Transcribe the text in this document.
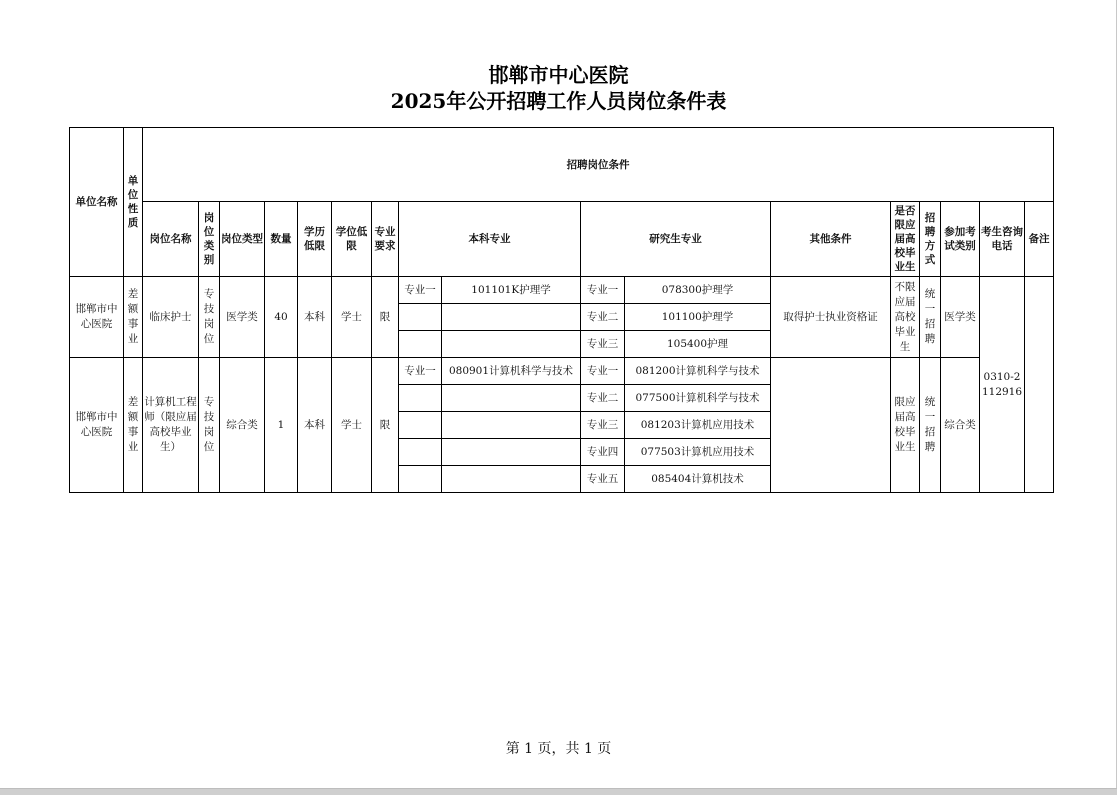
邯郸市中心医院
2025年公开招聘工作人员岗位条件表
单位名称	单位性质	招聘岗位条件																
		岗位名称	岗位类别	岗位类型	数量	学历低限	学位低限	专业要求	本科专业		研究生专业		其他条件	是否限应届高校毕业生	招聘方式	参加考试类别	考生咨询电话	备注
邯郸市中心医院	差额事业	临床护士	专技岗位	医学类	40	本科	学士	限	专业一	101101K护理学	专业一	078300护理学	取得护士执业资格证	不限应届高校毕业生	统一招聘	医学类	0310-2112916	
											专业二	101100护理学						
											专业三	105400护理						
邯郸市中心医院	差额事业	计算机工程师（限应届高校毕业生）	专技岗位	综合类	1	本科	学士	限	专业一	080901计算机科学与技术	专业一	081200计算机科学与技术		限应届高校毕业生	统一招聘	综合类		
											专业二	077500计算机科学与技术						
											专业三	081203计算机应用技术						
											专业四	077503计算机应用技术						
											专业五	085404计算机技术						
第 1 页，共 1 页
